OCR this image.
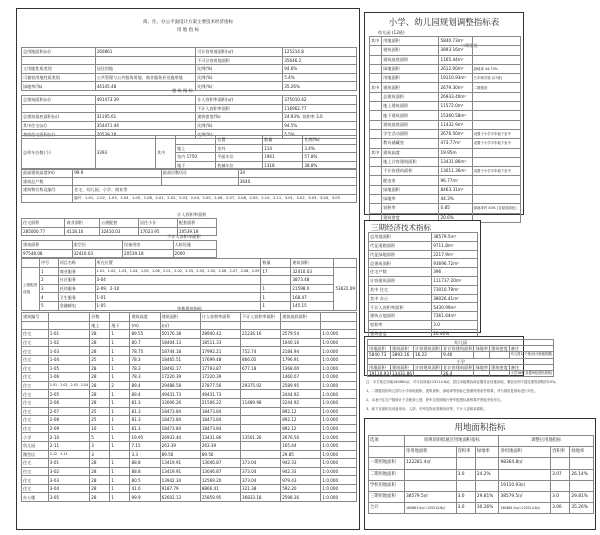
商、住、办公平面设计方案主要技术经济指标
用 地 指 标
总用地面积(㎡)	160861	可计容用地面积(㎡)	125214.8
		不可计容用地面积	35646.2
主用地性质类别	居住用地	比例(%)	94.6%
可兼容用地性质类别	公共管理与公共服务用地、商业服务业设施用地	比例(%)	5.4%
绿地率(%)	44145.48	比例(%)	35.26%
建 筑 指 标
总建筑面积(㎡)	491473.39	计入容积率面积(㎡)	375010.42
		不计入容积率面积	116962.77
总建筑基底面积(㎡)	31195.61	建筑密度(%)	24.93% 容积率 3.0
其中住宅(㎡)	354471.44	比例(%)	94.5%
兼容住宅面积(㎡)	20539.18	比例(%)	5.5%
总停车位数(个)	3393	其中		位置	数量	比例(%)
			地上	室外	114	3.4%
			室内 1750	平面车位	1961	57.8%
			地下	机械车位	1318	38.8%
最高建筑高度(m)	99.9	最高层数(层)	34
建筑总户数			3640
建筑物名称及编号	住宅、幼儿园、小学、商业等		
	编号：1-01、1-02、1-03、1-04、1-05、1-06、2-01、2-02、2-03、2-04、2-05、2-06、2-07、2-08、2-09、2-10、2-11、3-01、3-02、3-03、3-04、3-05		
计入容积率面积
住宅面积	商业面积	公建配套	居住小计	配套面积
285000.77	4118.10	32410.03	17023.95	20539.18
不计入容积率面积
建筑面积	架空层	设备用房	人防设施
97548.08	32410.03	20539.18	2000
	序号	项目名称	所在位置	数量	建筑面积	
公建配套设施	1	商业服务	1-01、1-02、1-03、1-04、1-05、1-06、2-01、2-02、2-03、2-04、2-05、2-06、2-07、2-08、2-09	17	32410.03	53622.09
	2	社区服务	3-04		3873.48	
	3	托幼服务	2-09、2-10	1	21598.0	
	4	卫生服务	1-01	1	168.47	
	5	金融邮电	1-05	1	145.15	
单栋建筑指标
建筑编号		层数		建筑高度	建筑面积	计入容积率面积	不计入容积率面积	建筑基底面积	
		地上	地下	(m)	(㎡)				
住宅	1-01	28	1	89.55	50176.38	28940.42	21236.16	2579.54	1:0.000
住宅	1-02	28	1	80.7	18404.13	18511.33		1040.16	1:0.000
住宅	1-03	28	1	78.75	18744.18	17992.21	752.74	2184.94	1:0.000
住宅	1-04	25	1	78.3	18465.51	17699.48	866.05	1796.91	1:0.000
住宅	1-05	28	1	78.3	18492.17	17793.87	677.18	1368.00	1:0.000
住宅	1-06	28	1	78.3	17220.39	17220.39		1460.07	1:0.000
住宅	2-01、2-02、2-03、2-04	28	2	89.4	29488.58	27877.56	29375.02	2589.95	1:0.000
住宅	2-05	28	1	89.4	49431.73	49431.73		2444.92	1:0.000
住宅	2-06	28	1	81.3	33006.26	21506.22	11489.98	2244.92	1:0.000
住宅	2-07	25	1	81.3	18473.84	18473.84		892.12	1:0.000
住宅	2-08	25	1	81.3	18473.84	18473.84		892.12	1:0.000
住宅	2-09	16	1	81.3	18473.84	18473.84		892.12	1:0.000
小学	2-10	5	1	19.95	26933.40	13431.86	13501.26	2676.50	1:0.000
幼儿园	2-11	3	1	7.15	263.39	263.39		165.44	1:0.000
微型店	2-12、2-13	3		3.3	89.56	89.56		29.85	1:0.000
住宅	3-01	28	1	88.8	13419.91	13046.87	373.04	942.33	1:0.000
住宅	3-02	28	1	88.8	13419.91	13046.87	373.04	942.33	1:0.000
住宅	3-03	28	1	80.5	13942.34	12569.20	373.04	979.43	1:0.000
住宅	3-04	28	1	41.0	9187.79	8866.41	321.38	592.20	1:0.000
办公楼	3-05	28	1	99.9	62602.13	25859.95	36833.18	2598.36	1:0.000
小学、幼儿园规划调整指标表
幼儿园 (12班)
二期建设
其中	用地面积	5840.73m²	
	建筑面积	3893.16m²	
	建筑基底面积	1165.44m²	
	绿地面积	2612.00m²	绿地率 44.73%
	用地面积	19110.93m²	九年制学校 (27班)
其中	建筑面积	2679.30m²	二期建设
	总建筑面积	26933.40m²	
	地上建筑面积	11572.0m²	
	地下建筑面积	15360.58m²	
	建筑基底面积	11432.9m²	
	学生活动面积	2676.50m²	设置于小学平车地下室中
	教具储藏室	473.77m²	设置于小学平车地下室中
其中	建筑高度	19.95m	
	地上计容建筑面积	13431.86m²	
	不计容建筑面积	13011.36m²	设置于小学平车地下室中
	配电室	96.77m²	
	绿地面积	8463.31m²	
	绿地率	44.3%	
	容积率	0.85	绿地率约 40% (含屋顶绿化)
	建筑密度	20.6%	
三期经济技术指标
总用地面积	38579.5m²
代征道路面积	9711.8m²
代征绿地面积	2217.9m²
总建筑面积	93696.72m²
住宅户数	396
计容建筑面积	111737.20m²
其中 住宅	73010.79m²
其中 办公	38026.41m²
不计入容积率面积	5430.99m²
建筑占地面积	7361.64m²
容积率	3.0
建筑密度	20.40%
幼儿园						
用地面积	建筑面积	计容建筑面积	非计容建筑面积	绿地率	建筑密度	备注
5840.73	3893.16	16.22	9.46			幼儿园12个班(设计班级规模)
小学						
用地面积	建筑面积	计容建筑面积	非计容建筑面积	绿地率	建筑密度	备注
19110.93	13431.86		26.4			小学18班 设置9班(图形规格)
注：本方案总用地160861㎡，可计容用地125214.8㎡，居住用地兼容商业服务业设施用地，兼容比例不超过建筑面积的10%。
1、二期建设的幼儿园与小学用地面积、建筑面积、绿地率等指标已按照规划条件核算，并与原批复指标进行对比。
2、本表中住宅户数统计不含配套公建，停车位按照现行停车配建标准核算并预留充电车位。
3、地下室面积含设备用房、人防、车库及物业管理用房等，不计入容积率面积。
用地面积指标
选项	原规划审批通过用地面积指标			调整后用地指标		
	净用地面积	容积率	绿地率	净用地面积	容积率	绿地率
一期用地面积	122281.4㎡			98364.8㎡		
二期用地面积		3.0	24.2%		3.07	26.14%
学校用地面积				19110.93㎡		
三期用地面积	38579.5㎡	3.0	29.81%	38579.5㎡	3.0	29.81%
合计	160861.0㎡=125214.8㎡	3.0	30.26%	160861.0㎡=125214.8㎡	3.00	35.26%
